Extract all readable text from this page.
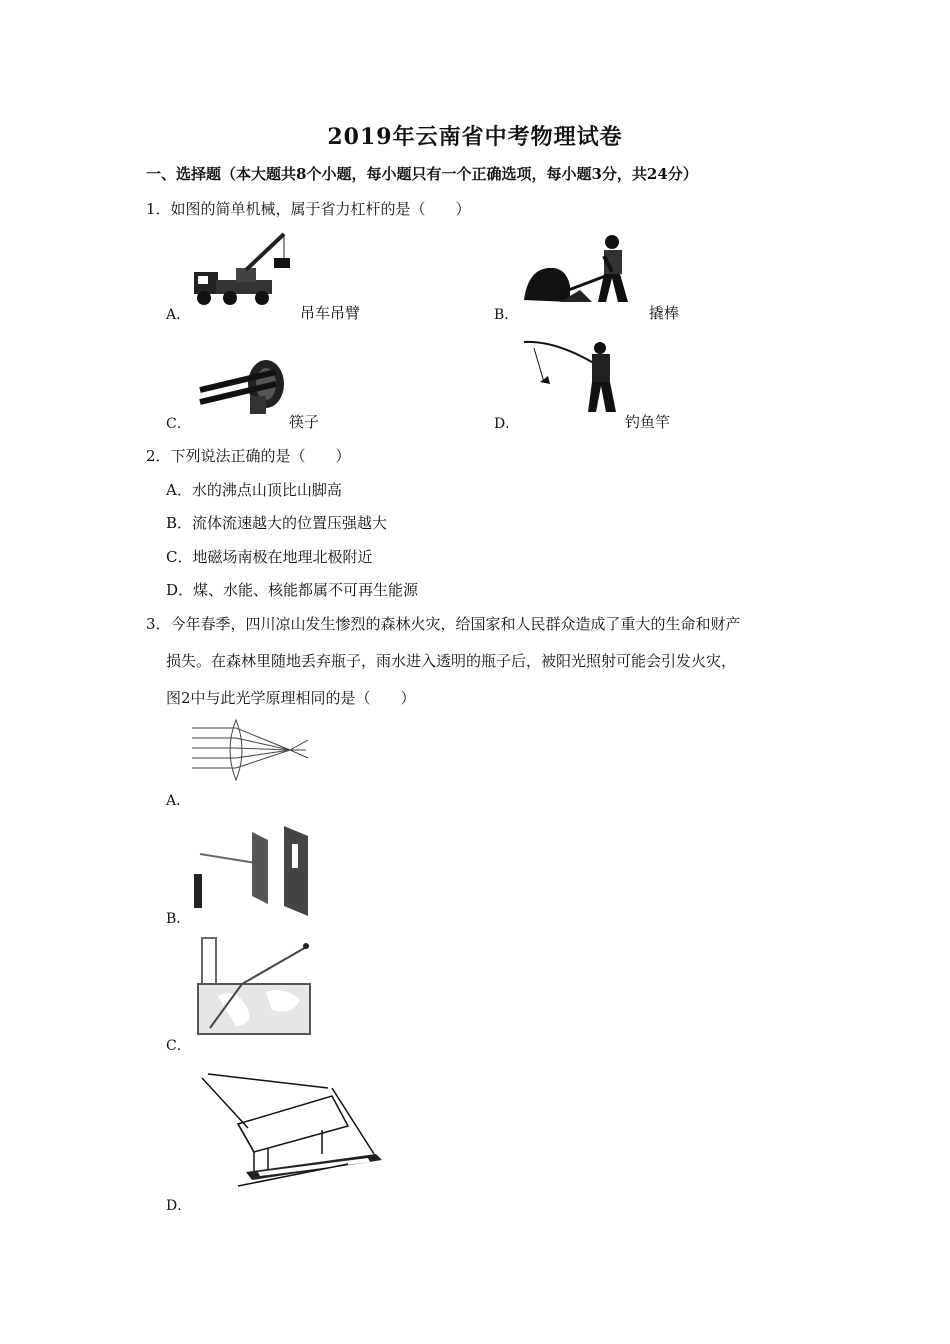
2019年云南省中考物理试卷
一、选择题（本大题共8个小题，每小题只有一个正确选项，每小题3分，共24分）
1．如图的简单机械，属于省力杠杆的是（　　）
A．	吊车吊臂	B．	撬棒
C．	筷子	D．	钓鱼竿
2．下列说法正确的是（　　）
A．水的沸点山顶比山脚高
B．流体流速越大的位置压强越大
C．地磁场南极在地理北极附近
D．煤、水能、核能都属不可再生能源
3．今年春季，四川凉山发生惨烈的森林火灾，给国家和人民群众造成了重大的生命和财产
损失。在森林里随地丢弃瓶子，雨水进入透明的瓶子后，被阳光照射可能会引发火灾，
图2中与此光学原理相同的是（　　）
A．
B．
C．
D．
